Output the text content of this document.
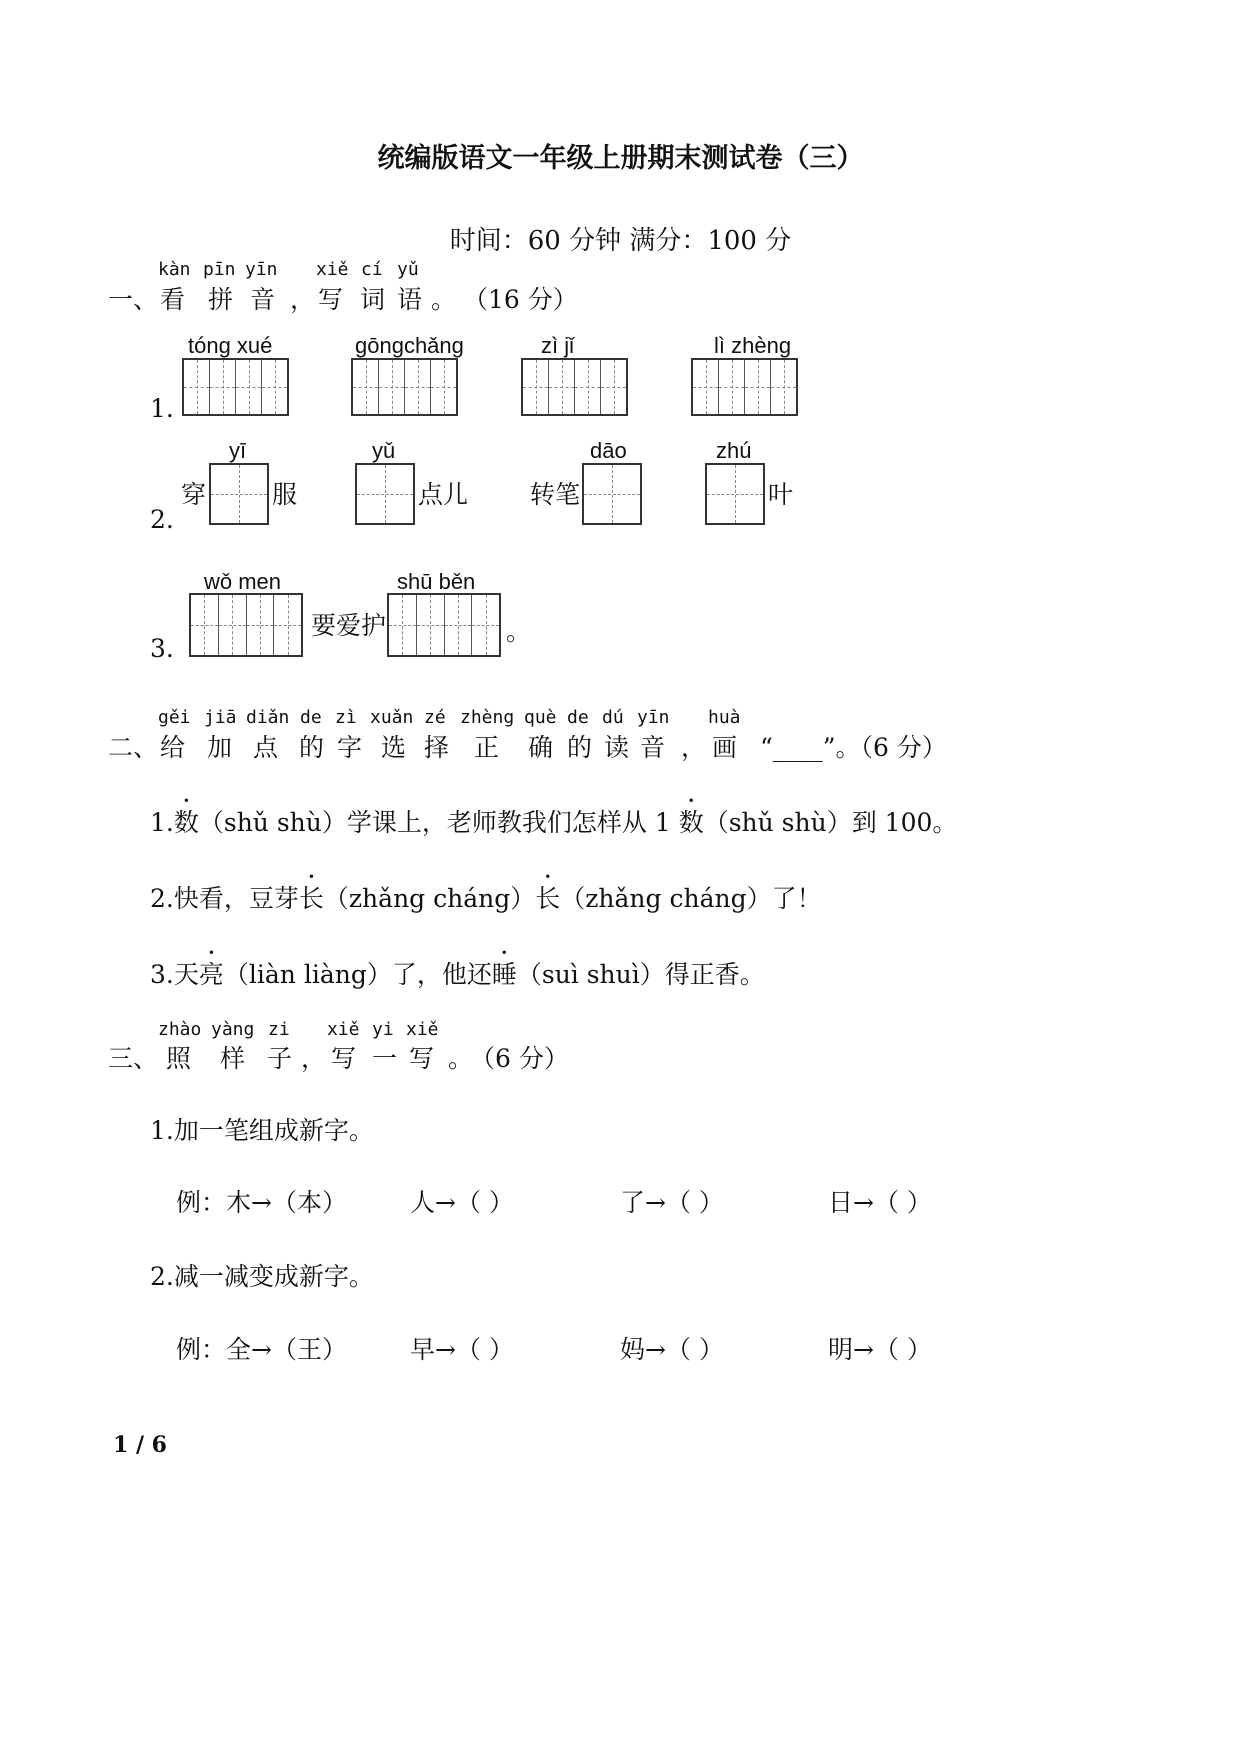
统编版语文一年级上册期末测试卷（三）
时间：60 分钟 满分：100 分
kàn pīn yīn xiě cí yǔ
一、 看 拼 音 ， 写 词 语 。 （16 分）
1.
tóng xué	gōngchǎng	zì jǐ	lì zhèng
2.
yī	yǔ	dāo	zhú
穿	服	点儿 转笔	叶
3.
wǒ men	shū běn
要爱护	。
gěi jiā diǎn de zì xuǎn zé zhèng què de dú yīn huà
二、 给 加 点 的 字 选 择 正 确 的 读 音 ， 画 “____”。（6 分）
1.数（shǔ shù）学课上，老师教我们怎样从 1 数（shǔ shù）到 100。
2.快看，豆芽长（zhǎng cháng）长（zhǎng cháng）了！
3.天亮（liàn liàng）了，他还睡（suì shuì）得正香。
zhào yàng zi xiě yi xiě
三、 照 样 子 ， 写 一 写 。
（6 分）
1.加一笔组成新字。
例：木→（本）	人→（ ）	了→（ ）	日→（ ）
2.减一减变成新字。
例：全→（王）	早→（ ）	妈→（ ）	明→（ ）
1 / 6
